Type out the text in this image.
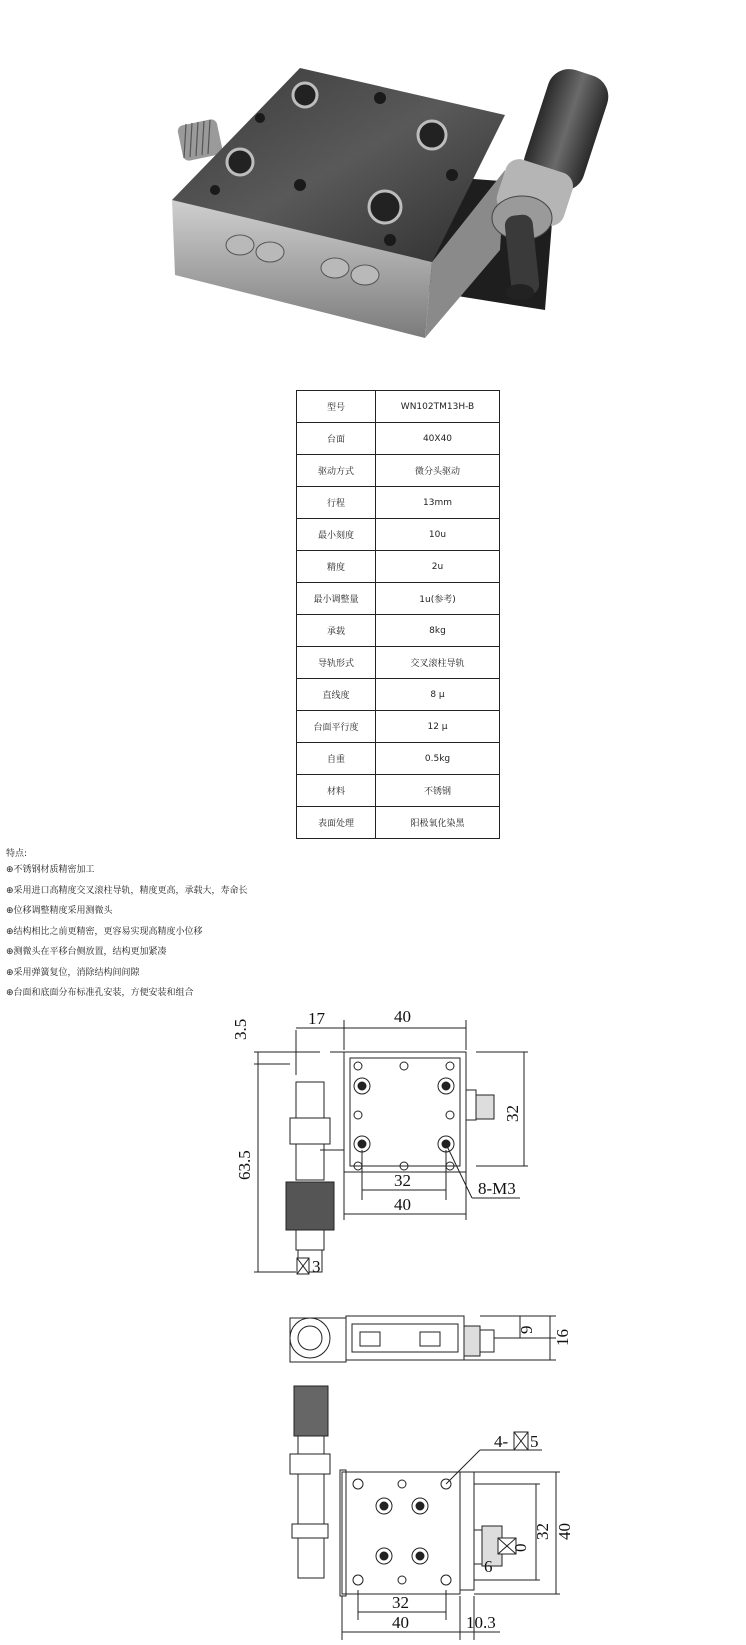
型号	WN102TM13H-B
台面	40X40
驱动方式	微分头驱动
行程	13mm
最小刻度	10u
精度	2u
最小调整量	1u(参考)
承载	8kg
导轨形式	交叉滚柱导轨
直线度	8 μ
台面平行度	12 μ
自重	0.5kg
材料	不锈钢
表面处理	阳极氧化染黑
特点:
⊕不锈钢材质精密加工
⊕采用进口高精度交叉滚柱导轨，精度更高，承载大，寿命长
⊕位移调整精度采用测微头
⊕结构相比之前更精密，更容易实现高精度小位移
⊕测微头在平移台侧放置，结构更加紧凑
⊕采用弹簧复位，消除结构间间隙
⊕台面和底面分布标准孔安装，方便安装和组合
3.5
17	40
32
63.5
32
40
8-M3
3
9 16
4- 5
0
32 40
6
32
40	10.3
